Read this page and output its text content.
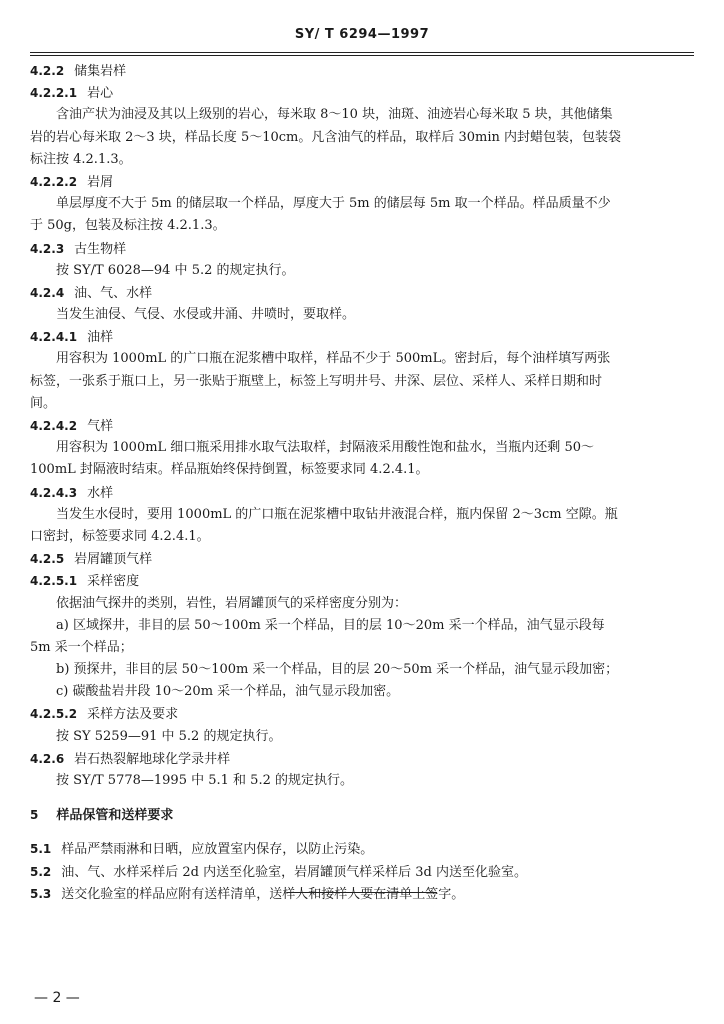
SY/ T 6294—1997
4.2.2 储集岩样
4.2.2.1 岩心
含油产状为油浸及其以上级别的岩心，每米取 8～10 块，油斑、油迹岩心每米取 5 块，其他储集
岩的岩心每米取 2～3 块，样品长度 5～10cm。凡含油气的样品，取样后 30min 内封蜡包装，包装袋
标注按 4.2.1.3。
4.2.2.2 岩屑
单层厚度不大于 5m 的储层取一个样品，厚度大于 5m 的储层每 5m 取一个样品。样品质量不少
于 50g，包装及标注按 4.2.1.3。
4.2.3 古生物样
按 SY/T 6028—94 中 5.2 的规定执行。
4.2.4 油、气、水样
当发生油侵、气侵、水侵或井涌、井喷时，要取样。
4.2.4.1 油样
用容积为 1000mL 的广口瓶在泥浆槽中取样，样品不少于 500mL。密封后，每个油样填写两张
标签，一张系于瓶口上，另一张贴于瓶壁上，标签上写明井号、井深、层位、采样人、采样日期和时
间。
4.2.4.2 气样
用容积为 1000mL 细口瓶采用排水取气法取样，封隔液采用酸性饱和盐水，当瓶内还剩 50～
100mL 封隔液时结束。样品瓶始终保持倒置，标签要求同 4.2.4.1。
4.2.4.3 水样
当发生水侵时，要用 1000mL 的广口瓶在泥浆槽中取钻井液混合样，瓶内保留 2～3cm 空隙。瓶
口密封，标签要求同 4.2.4.1。
4.2.5 岩屑罐顶气样
4.2.5.1 采样密度
依据油气探井的类别，岩性，岩屑罐顶气的采样密度分别为：
a) 区域探井，非目的层 50～100m 采一个样品，目的层 10～20m 采一个样品，油气显示段每
5m 采一个样品；
b) 预探井，非目的层 50～100m 采一个样品，目的层 20～50m 采一个样品，油气显示段加密；
c) 碳酸盐岩井段 10～20m 采一个样品，油气显示段加密。
4.2.5.2 采样方法及要求
按 SY 5259—91 中 5.2 的规定执行。
4.2.6 岩石热裂解地球化学录井样
按 SY/T 5778—1995 中 5.1 和 5.2 的规定执行。
5 样品保管和送样要求
5.1 样品严禁雨淋和日晒，应放置室内保存，以防止污染。
5.2 油、气、水样采样后 2d 内送至化验室，岩屑罐顶气样采样后 3d 内送至化验室。
5.3 送交化验室的样品应附有送样清单，送样人和接样人要在清单上签字。
— 2 —
